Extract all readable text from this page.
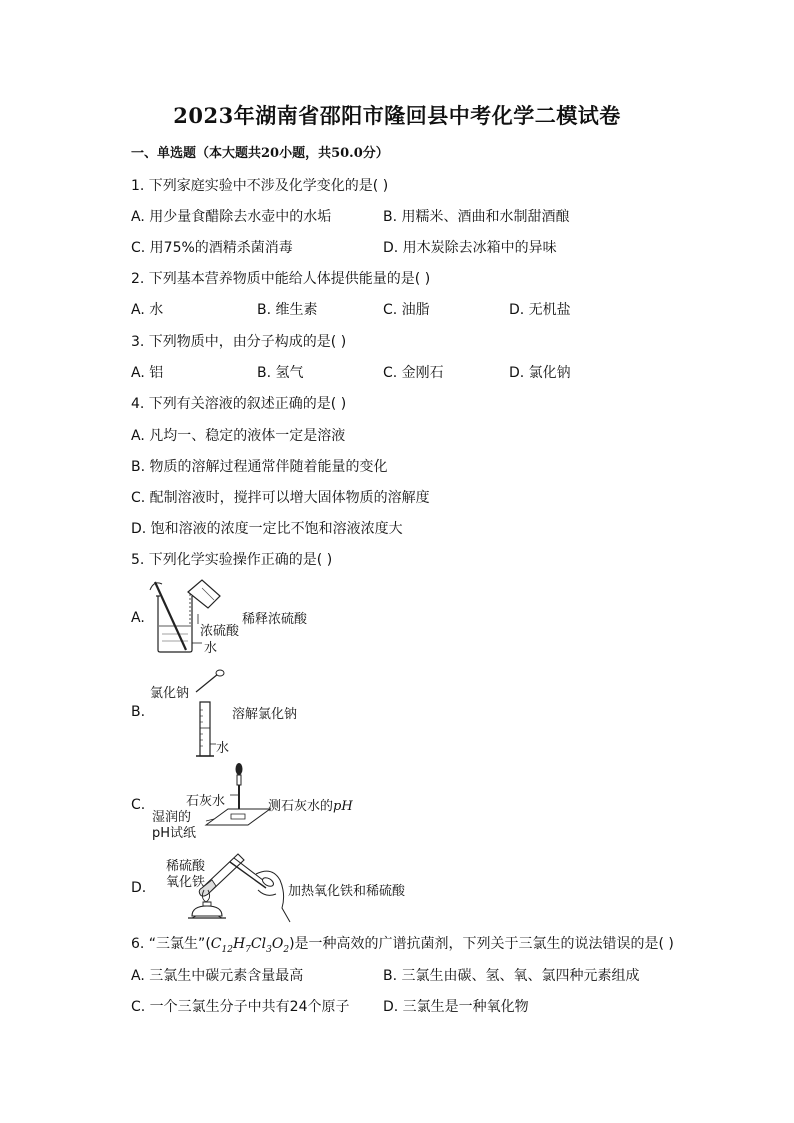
2023年湖南省邵阳市隆回县中考化学二模试卷
一、单选题（本大题共20小题，共50.0分）
1. 下列家庭实验中不涉及化学变化的是( )
A. 用少量食醋除去水壶中的水垢	B. 用糯米、酒曲和水制甜酒酿
C. 用75%的酒精杀菌消毒	D. 用木炭除去冰箱中的异味
2. 下列基本营养物质中能给人体提供能量的是( )
A. 水	B. 维生素	C. 油脂	D. 无机盐
3. 下列物质中，由分子构成的是( )
A. 铝	B. 氢气	C. 金刚石	D. 氯化钠
4. 下列有关溶液的叙述正确的是( )
A. 凡均一、稳定的液体一定是溶液
B. 物质的溶解过程通常伴随着能量的变化
C. 配制溶液时，搅拌可以增大固体物质的溶解度
D. 饱和溶液的浓度一定比不饱和溶液浓度大
5. 下列化学实验操作正确的是( )
A.	稀释浓硫酸
浓硫酸
水
B.
氯化钠
溶解氯化钠
水
C.	石灰水
湿润的
pH试纸
测石灰水的pH
D.
稀硫酸
氧化铁
加热氧化铁和稀硫酸
6. “三氯生$”(C_{12}H_7Cl_3O_2)$是一种高效的广谱抗菌剂，下列关于三氯生的说法错误的是( )
A. 三氯生中碳元素含量最高	B. 三氯生由碳、氢、氧、氯四种元素组成
C. 一个三氯生分子中共有24个原子 D. 三氯生是一种氧化物
